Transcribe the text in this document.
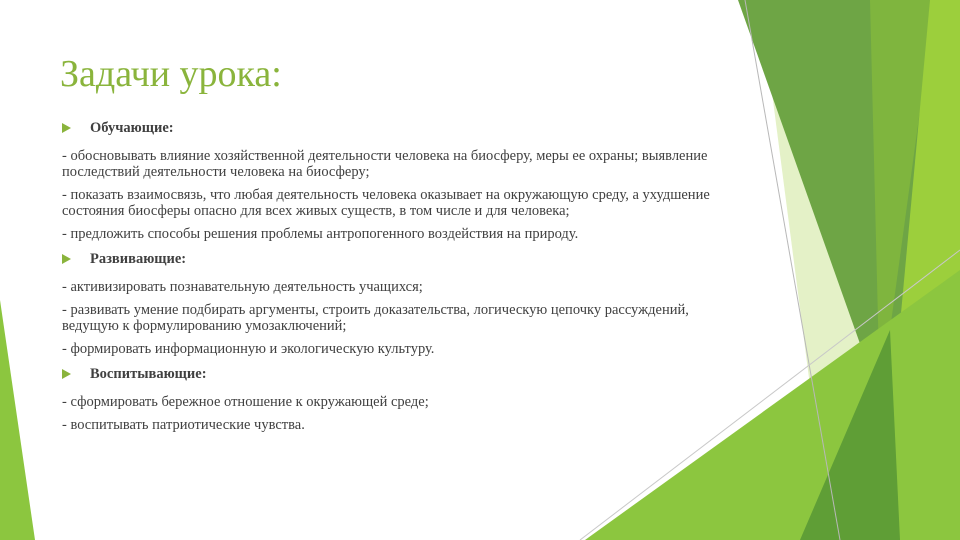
Задачи урока:
Обучающие:
- обосновывать влияние хозяйственной деятельности человека на биосферу, меры ее охраны; выявление последствий деятельности человека на биосферу;
- показать взаимосвязь, что любая деятельность человека оказывает на окружающую среду, а ухудшение состояния биосферы опасно для всех живых существ, в том числе и для человека;
- предложить способы решения проблемы антропогенного воздействия на природу.
Развивающие:
- активизировать познавательную деятельность учащихся;
- развивать умение подбирать аргументы, строить доказательства, логическую цепочку рассуждений, ведущую к формулированию умозаключений;
- формировать информационную и экологическую культуру.
Воспитывающие:
- сформировать бережное отношение к окружающей среде;
- воспитывать патриотические чувства.
